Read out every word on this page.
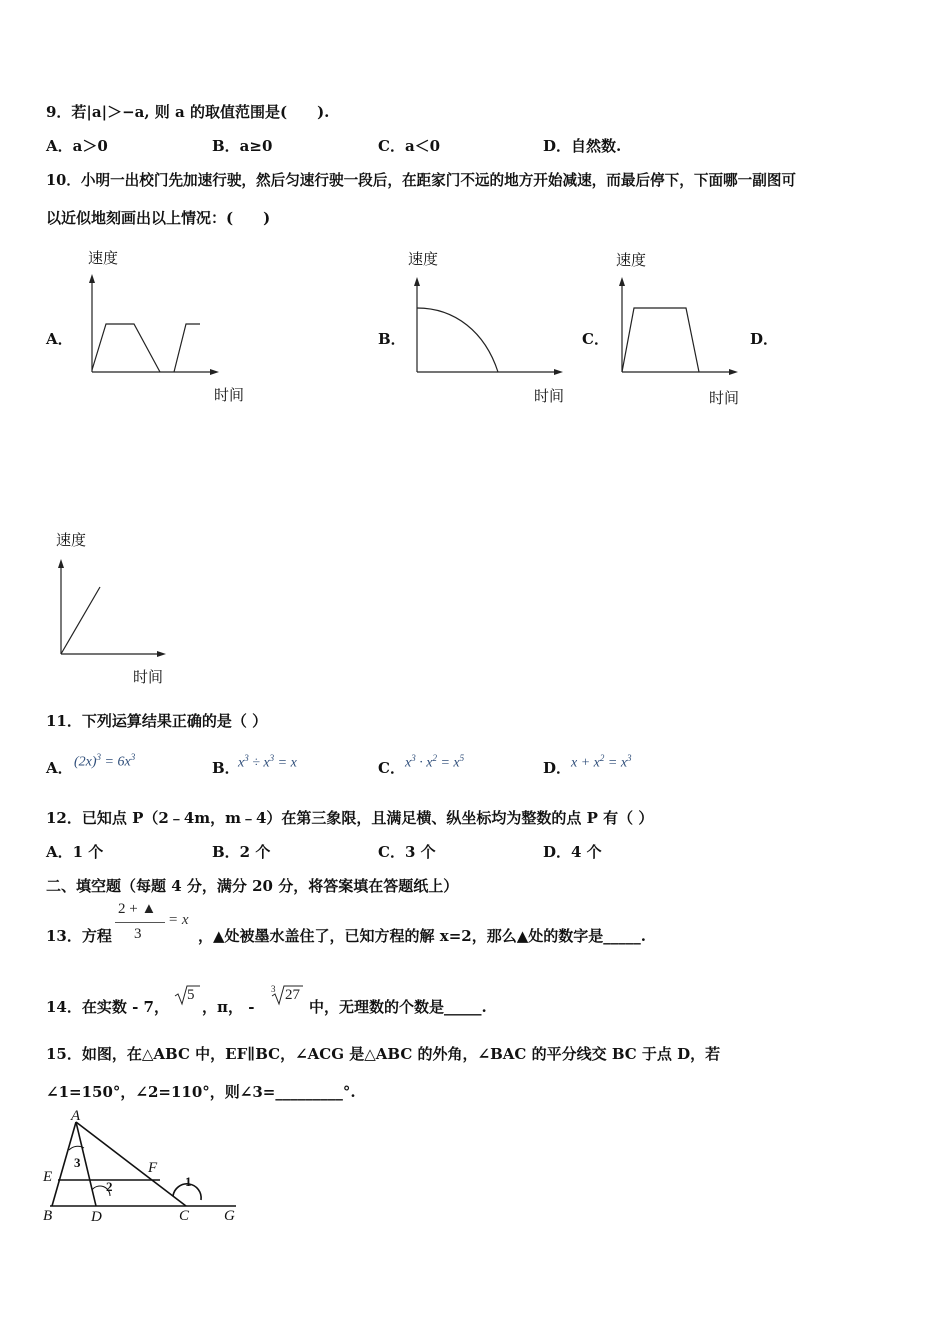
9．若|a|＞−a, 则 a 的取值范围是(　　).
A．a＞0	B．a≥0	C．a＜0	D．自然数.
10．小明一出校门先加速行驶，然后匀速行驶一段后，在距家门不远的地方开始减速，而最后停下，下面哪一副图可
以近似地刻画出以上情况：(　　)
A．
速度
时间
B．
速度
时间
C．
速度
时间
D．
速度
时间
11．下列运算结果正确的是（ ）
A． $(2x)^3 = 6x^3$
B．
$x^3 \div x^3 = x$	C． $x^3 \cdot x^2 = x^5$
D． $x + x^2 = x^3$
12．已知点 P（2﹣4m，m﹣4）在第三象限，且满足横、纵坐标均为整数的点 P 有（ ）
A．1 个	B．2 个	C．3 个	D．4 个
二、填空题（每题 4 分，满分 20 分，将答案填在答题纸上）
13．方程
2 + ▲
3
= x
，▲处被墨水盖住了，已知方程的解 x=2，那么▲处的数字是_____.
14．在实数 - 7，
5
，π， -
3 27
中，无理数的个数是_____.
15．如图，在△ABC 中，EF∥BC，∠ACG 是△ABC 的外角，∠BAC 的平分线交 BC 于点 D，若
∠1=150°，∠2=110°，则∠3=_________°.
A
B	C
D
E
F
G
1
2
3
